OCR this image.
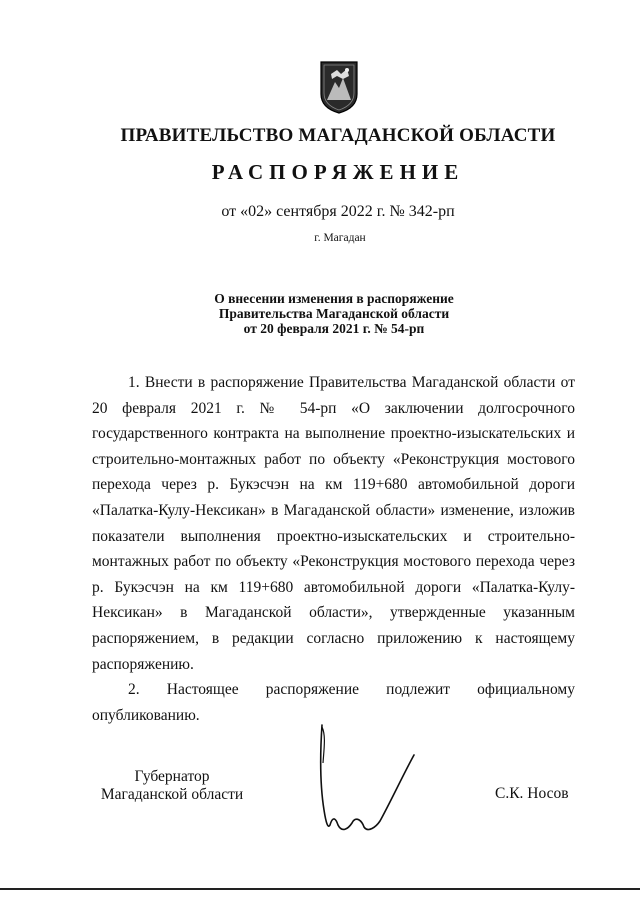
ПРАВИТЕЛЬСТВО МАГАДАНСКОЙ ОБЛАСТИ
РАСПОРЯЖЕНИЕ
от «02» сентября 2022 г. № 342-рп
г. Магадан
О внесении изменения в распоряжение
Правительства Магаданской области
от 20 февраля 2021 г. № 54-рп

1. Внести в распоряжение Правительства Магаданской области от 20 февраля 2021 г. № 54-рп «О заключении долгосрочного государственного контракта на выполнение проектно-изыскательских и строительно-монтажных работ по объекту «Реконструкция мостового перехода через р. Букэсчэн на км 119+680 автомобильной дороги «Палатка-Кулу-Нексикан» в Магаданской области» изменение, изложив показатели выполнения проектно-изыскательских и строительно-монтажных работ по объекту «Реконструкция мостового перехода через р. Букэсчэн на км 119+680 автомобильной дороги «Палатка-Кулу-Нексикан» в Магаданской области», утвержденные указанным распоряжением, в редакции согласно приложению к настоящему распоряжению.

2. Настоящее распоряжение подлежит официальному опубликованию.

Губернатор
Магаданской области	С.К. Носов
